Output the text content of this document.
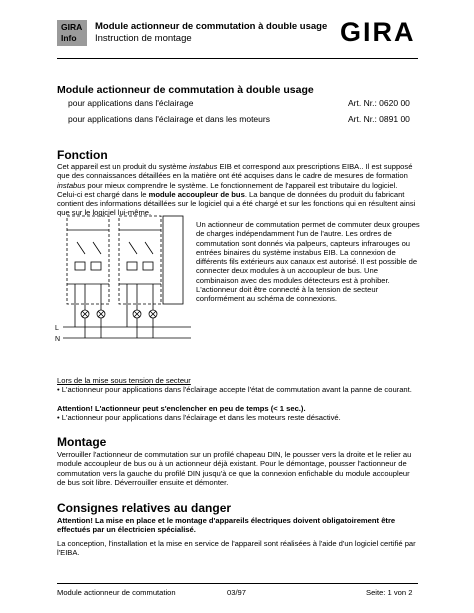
GIRA
Info
Module actionneur de commutation à double usage
Instruction de montage	GIRA
Module actionneur de commutation à double usage
pour applications dans l'éclairage	Art. Nr.: 0620 00
pour applications dans l'éclairage et dans les moteurs	Art. Nr.: 0891 00
Fonction
Cet appareil est un produit du système instabus EIB et correspond aux prescriptions EIBA.. Il est supposé que des connaissances détaillées en la matière ont été acquises dans le cadre de mesures de formation instabus pour mieux comprendre le système. Le fonctionnement de l'appareil est tributaire du logiciel. Celui-ci est chargé dans le module accoupleur de bus. La banque de données du produit du fabricant contient des informations détaillées sur le logiciel qui a été chargé et sur les fonctions qui en résultent ainsi que sur le logiciel lui-même.
L
N
Un actionneur de commutation permet de commuter deux groupes de charges indépendamment l'un de l'autre. Les ordres de commutation sont donnés via palpeurs, capteurs infrarouges ou entrées binaires du système instabus EIB. La connexion de différents fils extérieurs aux canaux est autorisé. Il est possible de connecter deux modules à un accoupleur de bus. Une combinaison avec des modules détecteurs est à prohiber. L'actionneur doit être connecté à la tension de secteur conformément au schéma de connexions.
Lors de la mise sous tension de secteur
• L'actionneur pour applications dans l'éclairage accepte l'état de commutation avant la panne de courant.
Attention! L'actionneur peut s'enclencher en peu de temps (< 1 sec.).
• L'actionneur pour applications dans l'éclairage et dans les moteurs reste désactivé.
Montage
Verrouiller l'actionneur de commutation sur un profilé chapeau DIN, le pousser vers la droite et le relier au module accoupleur de bus ou à un actionneur déjà existant. Pour le démontage, pousser l'actionneur de commutation vers la gauche du profilé DIN jusqu'à ce que la connexion enfichable du module accoupleur de bus soit libre. Déverrouiller ensuite et démonter.
Consignes relatives au danger
Attention! La mise en place et le montage d'appareils électriques doivent obligatoirement être effectués par un électricien spécialisé.
La conception, l'installation et la mise en service de l'appareil sont réalisées à l'aide d'un logiciel certifié par l'EIBA.
Module actionneur de commutation	03/97	Seite: 1 von 2
